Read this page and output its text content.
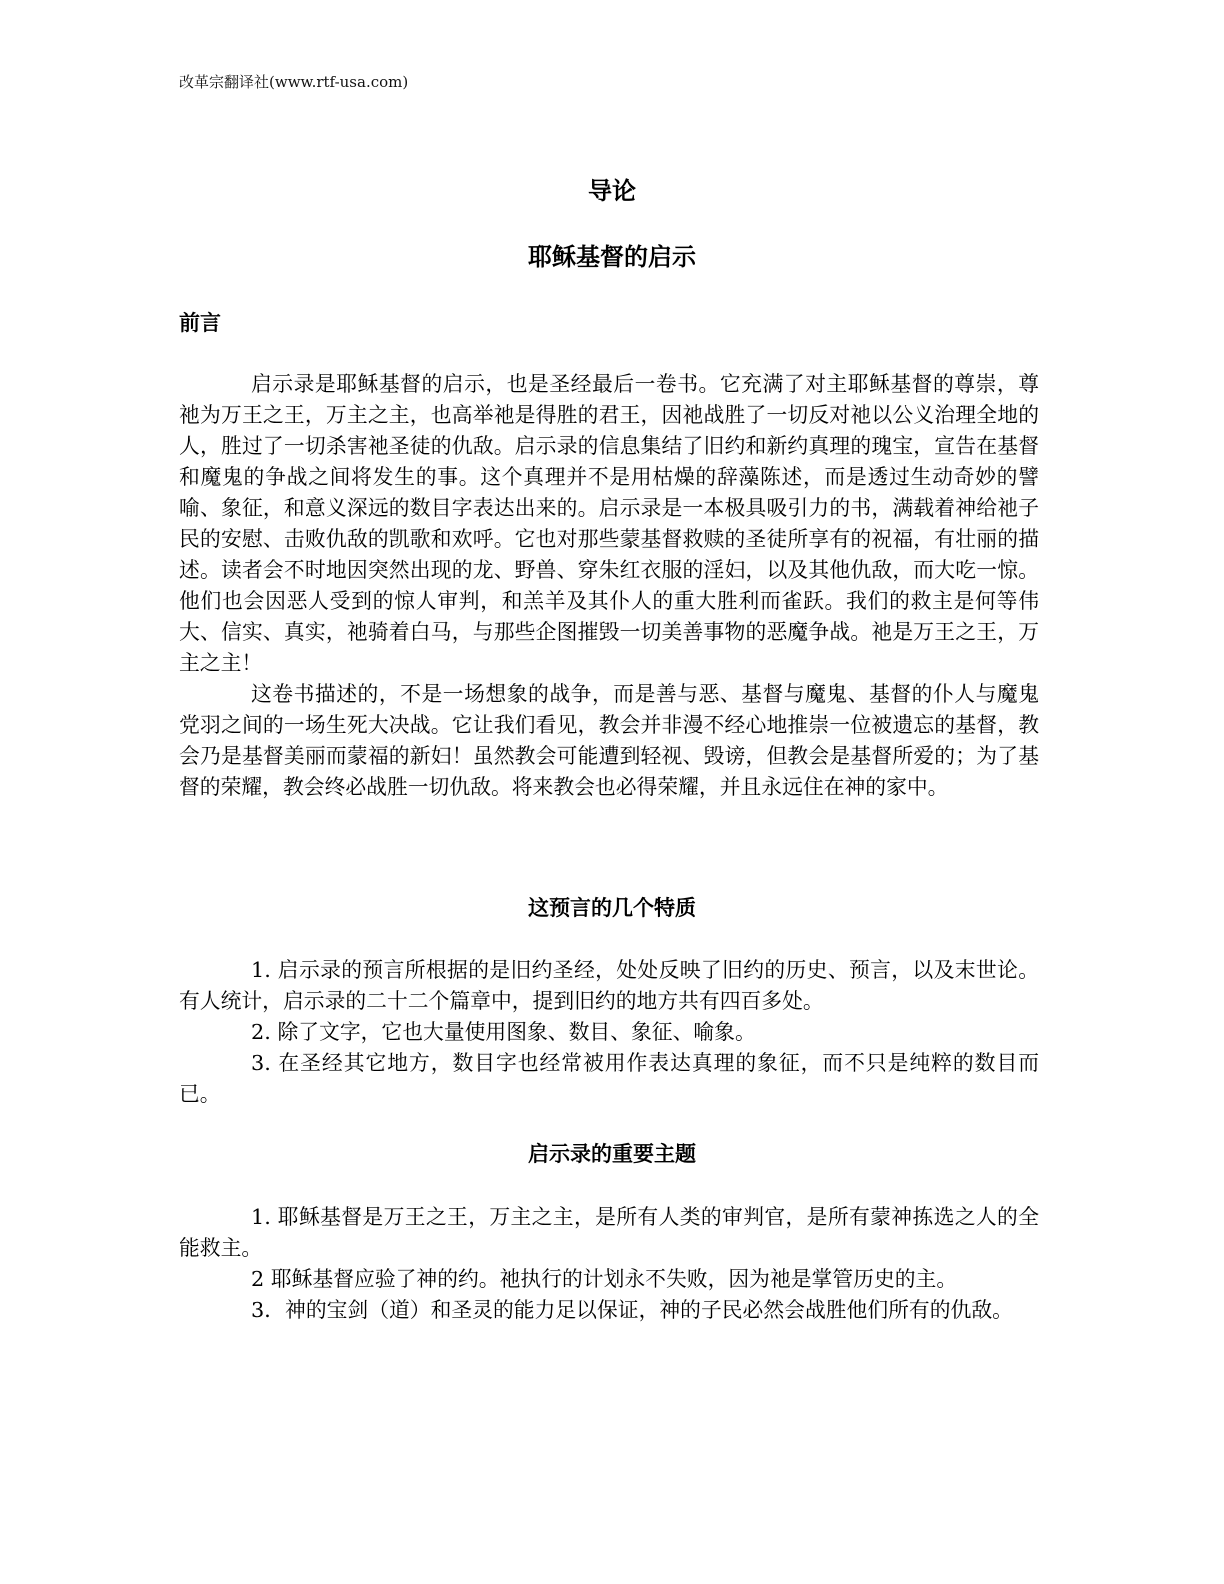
改革宗翻译社(www.rtf-usa.com)
导论
耶稣基督的启示
前言

启示录是耶稣基督的启示，也是圣经最后一卷书。它充满了对主耶稣基督的尊崇，尊祂为万王之王，万主之主，也高举祂是得胜的君王，因祂战胜了一切反对祂以公义治理全地的人，胜过了一切杀害祂圣徒的仇敌。启示录的信息集结了旧约和新约真理的瑰宝，宣告在基督和魔鬼的争战之间将发生的事。这个真理并不是用枯燥的辞藻陈述，而是透过生动奇妙的譬喻、象征，和意义深远的数目字表达出来的。启示录是一本极具吸引力的书，满载着神给祂子民的安慰、击败仇敌的凯歌和欢呼。它也对那些蒙基督救赎的圣徒所享有的祝福，有壮丽的描述。读者会不时地因突然出现的龙、野兽、穿朱红衣服的淫妇，以及其他仇敌，而大吃一惊。他们也会因恶人受到的惊人审判，和羔羊及其仆人的重大胜利而雀跃。我们的救主是何等伟大、信实、真实，祂骑着白马，与那些企图摧毁一切美善事物的恶魔争战。祂是万王之王，万主之主！

这卷书描述的，不是一场想象的战争，而是善与恶、基督与魔鬼、基督的仆人与魔鬼党羽之间的一场生死大决战。它让我们看见，教会并非漫不经心地推崇一位被遗忘的基督，教会乃是基督美丽而蒙福的新妇！虽然教会可能遭到轻视、毁谤，但教会是基督所爱的；为了基督的荣耀，教会终必战胜一切仇敌。将来教会也必得荣耀，并且永远住在神的家中。

这预言的几个特质

1. 启示录的预言所根据的是旧约圣经，处处反映了旧约的历史、预言，以及末世论。有人统计，启示录的二十二个篇章中，提到旧约的地方共有四百多处。

2. 除了文字，它也大量使用图象、数目、象征、喻象。

3. 在圣经其它地方，数目字也经常被用作表达真理的象征，而不只是纯粹的数目而已。

启示录的重要主题

1. 耶稣基督是万王之王，万主之主，是所有人类的审判官，是所有蒙神拣选之人的全能救主。

2 耶稣基督应验了神的约。祂执行的计划永不失败，因为祂是掌管历史的主。

3．神的宝剑（道）和圣灵的能力足以保证，神的子民必然会战胜他们所有的仇敌。
